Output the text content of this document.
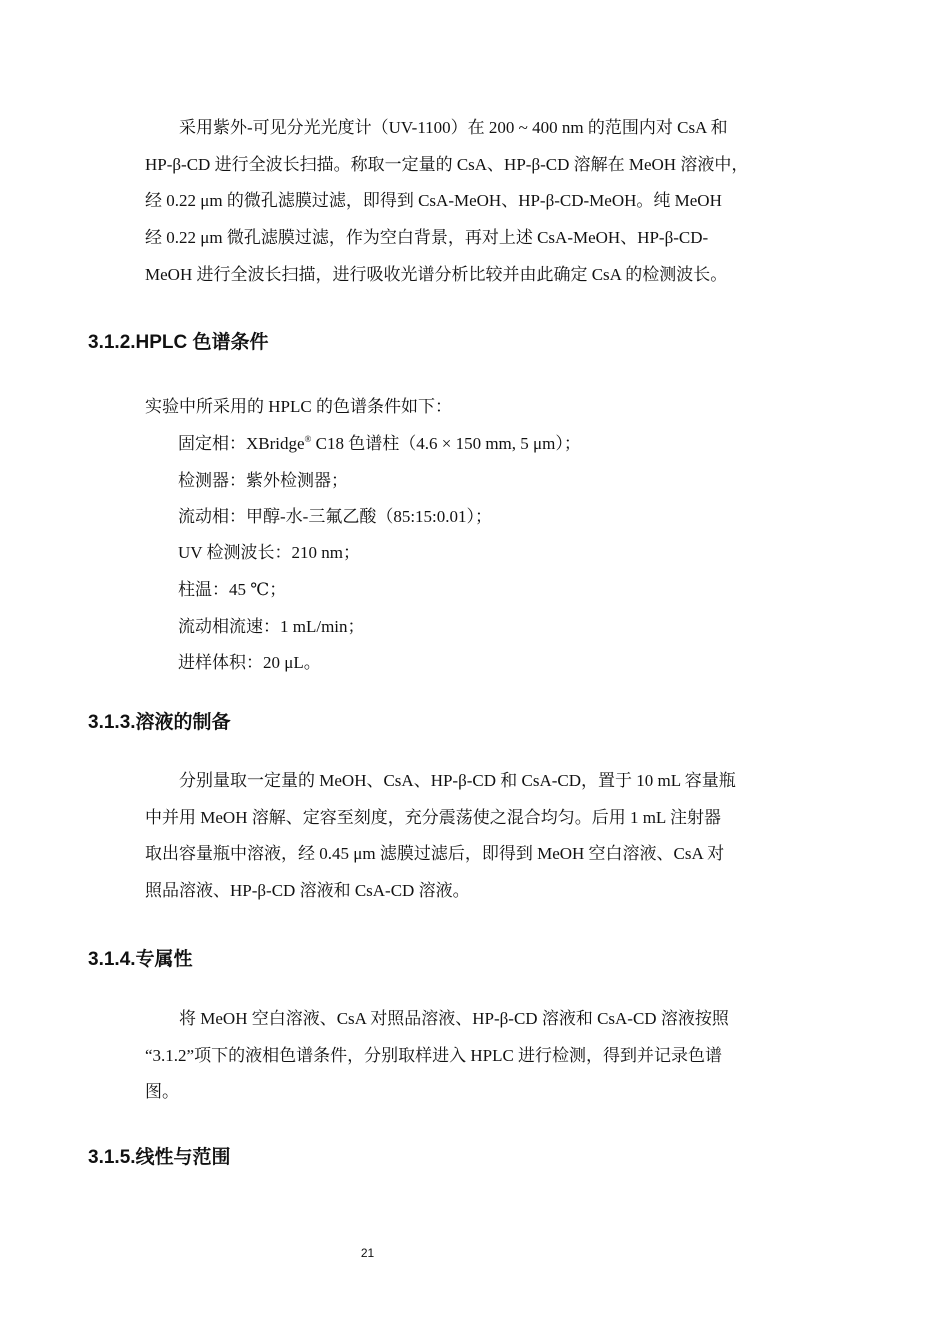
采用紫外-可见分光光度计（UV-1100）在 200 ~ 400 nm 的范围内对 CsA 和
HP-β-CD 进行全波长扫描。称取一定量的 CsA、HP-β-CD 溶解在 MeOH 溶液中，
经 0.22 μm 的微孔滤膜过滤，即得到 CsA-MeOH、HP-β-CD-MeOH。纯 MeOH
经 0.22 μm 微孔滤膜过滤，作为空白背景，再对上述 CsA-MeOH、HP-β-CD-
MeOH 进行全波长扫描，进行吸收光谱分析比较并由此确定 CsA 的检测波长。
3.1.2.HPLC 色谱条件
实验中所采用的 HPLC 的色谱条件如下：
固定相：XBridge® C18 色谱柱（4.6 × 150 mm, 5 μm）；
检测器：紫外检测器；
流动相：甲醇-水-三氟乙酸（85:15:0.01）；
UV 检测波长：210 nm；
柱温：45 ℃；
流动相流速：1 mL/min；
进样体积：20 μL。
3.1.3.溶液的制备
分别量取一定量的 MeOH、CsA、HP-β-CD 和 CsA-CD，置于 10 mL 容量瓶
中并用 MeOH 溶解、定容至刻度，充分震荡使之混合均匀。后用 1 mL 注射器
取出容量瓶中溶液，经 0.45 μm 滤膜过滤后，即得到 MeOH 空白溶液、CsA 对
照品溶液、HP-β-CD 溶液和 CsA-CD 溶液。
3.1.4.专属性
将 MeOH 空白溶液、CsA 对照品溶液、HP-β-CD 溶液和 CsA-CD 溶液按照
“3.1.2”项下的液相色谱条件，分别取样进入 HPLC 进行检测，得到并记录色谱
图。
3.1.5.线性与范围
21
